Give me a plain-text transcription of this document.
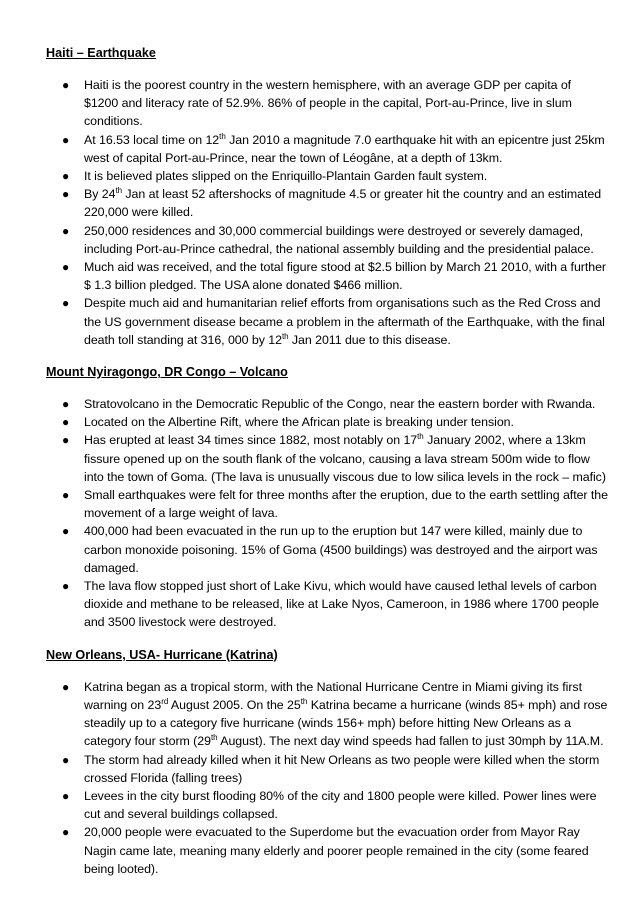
Haiti – Earthquake
● Haiti is the poorest country in the western hemisphere, with an average GDP per capita of $1200 and literacy rate of 52.9%. 86% of people in the capital, Port-au-Prince, live in slum conditions.
● At 16.53 local time on 12th Jan 2010 a magnitude 7.0 earthquake hit with an epicentre just 25km west of capital Port-au-Prince, near the town of Léogâne, at a depth of 13km.
● It is believed plates slipped on the Enriquillo-Plantain Garden fault system.
● By 24th Jan at least 52 aftershocks of magnitude 4.5 or greater hit the country and an estimated 220,000 were killed.
● 250,000 residences and 30,000 commercial buildings were destroyed or severely damaged, including Port-au-Prince cathedral, the national assembly building and the presidential palace.
● Much aid was received, and the total figure stood at $2.5 billion by March 21 2010, with a further $ 1.3 billion pledged. The USA alone donated $466 million.
● Despite much aid and humanitarian relief efforts from organisations such as the Red Cross and the US government disease became a problem in the aftermath of the Earthquake, with the final death toll standing at 316, 000 by 12th Jan 2011 due to this disease.
Mount Nyiragongo, DR Congo – Volcano
● Stratovolcano in the Democratic Republic of the Congo, near the eastern border with Rwanda.
● Located on the Albertine Rift, where the African plate is breaking under tension.
● Has erupted at least 34 times since 1882, most notably on 17th January 2002, where a 13km fissure opened up on the south flank of the volcano, causing a lava stream 500m wide to flow into the town of Goma. (The lava is unusually viscous due to low silica levels in the rock – mafic)
● Small earthquakes were felt for three months after the eruption, due to the earth settling after the movement of a large weight of lava.
● 400,000 had been evacuated in the run up to the eruption but 147 were killed, mainly due to carbon monoxide poisoning. 15% of Goma (4500 buildings) was destroyed and the airport was damaged.
● The lava flow stopped just short of Lake Kivu, which would have caused lethal levels of carbon dioxide and methane to be released, like at Lake Nyos, Cameroon, in 1986 where 1700 people and 3500 livestock were destroyed.
New Orleans, USA- Hurricane (Katrina)
● Katrina began as a tropical storm, with the National Hurricane Centre in Miami giving its first warning on 23rd August 2005. On the 25th Katrina became a hurricane (winds 85+ mph) and rose steadily up to a category five hurricane (winds 156+ mph) before hitting New Orleans as a category four storm (29th August). The next day wind speeds had fallen to just 30mph by 11A.M.
● The storm had already killed when it hit New Orleans as two people were killed when the storm crossed Florida (falling trees)
● Levees in the city burst flooding 80% of the city and 1800 people were killed. Power lines were cut and several buildings collapsed.
● 20,000 people were evacuated to the Superdome but the evacuation order from Mayor Ray Nagin came late, meaning many elderly and poorer people remained in the city (some feared being looted).
